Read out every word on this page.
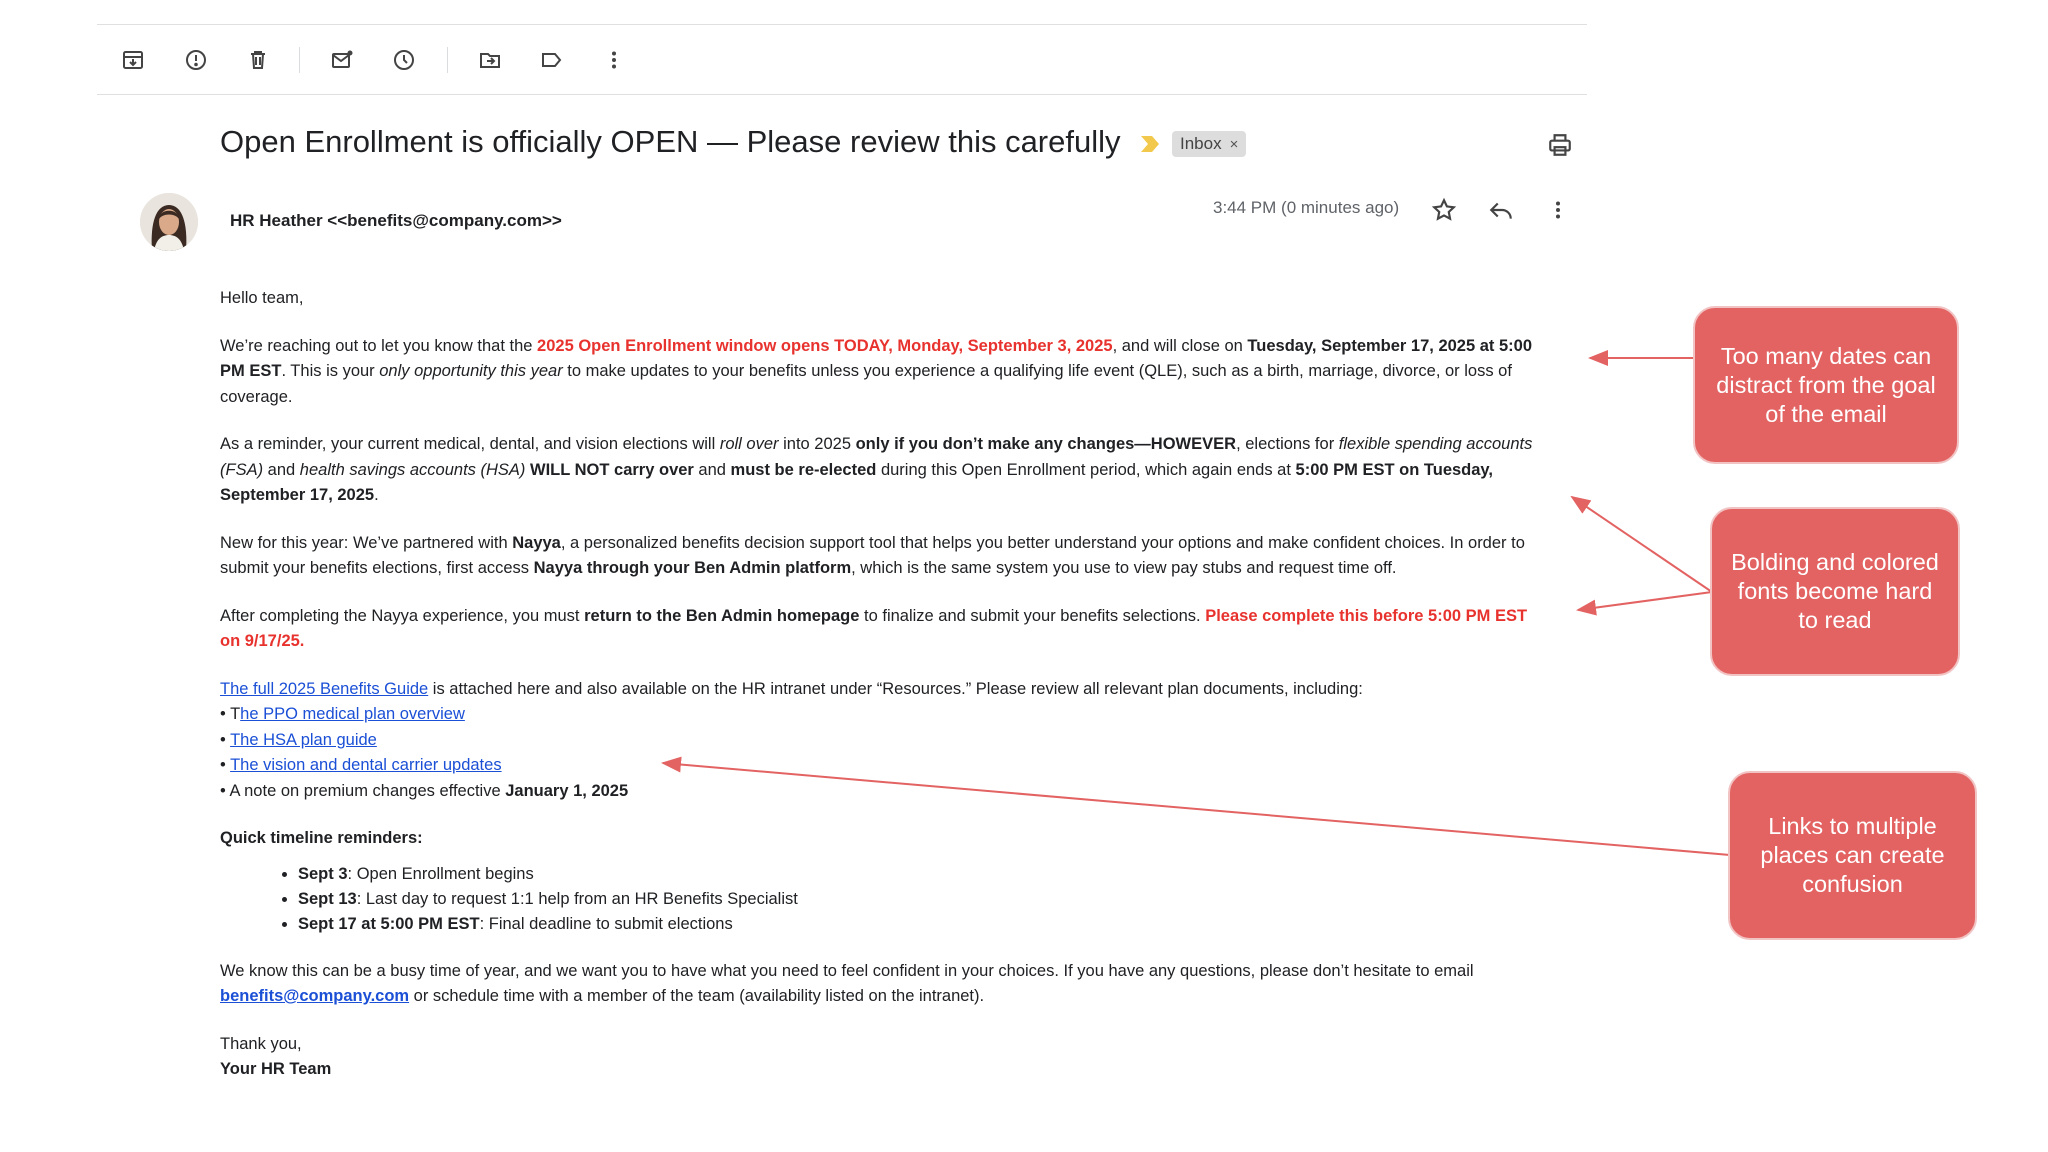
Open Enrollment is officially OPEN — Please review this carefully	Inbox ×
HR Heather <<benefits@company.com>>
3:44 PM (0 minutes ago)

Hello team,

We’re reaching out to let you know that the 2025 Open Enrollment window opens TODAY, Monday, September 3, 2025, and will close on Tuesday, September 17, 2025 at 5:00 PM EST. This is your only opportunity this year to make updates to your benefits unless you experience a qualifying life event (QLE), such as a birth, marriage, divorce, or loss of coverage.

As a reminder, your current medical, dental, and vision elections will roll over into 2025 only if you don’t make any changes—HOWEVER, elections for flexible spending accounts (FSA) and health savings accounts (HSA) WILL NOT carry over and must be re-elected during this Open Enrollment period, which again ends at 5:00 PM EST on Tuesday, September 17, 2025.

New for this year: We’ve partnered with Nayya, a personalized benefits decision support tool that helps you better understand your options and make confident choices. In order to submit your benefits elections, first access Nayya through your Ben Admin platform, which is the same system you use to view pay stubs and request time off.

After completing the Nayya experience, you must return to the Ben Admin homepage to finalize and submit your benefits selections. Please complete this before 5:00 PM EST on 9/17/25.

The full 2025 Benefits Guide is attached here and also available on the HR intranet under “Resources.” Please review all relevant plan documents, including:

• The PPO medical plan overview

• The HSA plan guide

• The vision and dental carrier updates

• A note on premium changes effective January 1, 2025

Quick timeline reminders:

• Sept 3: Open Enrollment begins
• Sept 13: Last day to request 1:1 help from an HR Benefits Specialist
• Sept 17 at 5:00 PM EST: Final deadline to submit elections

We know this can be a busy time of year, and we want you to have what you need to feel confident in your choices. If you have any questions, please don’t hesitate to email benefits@company.com or schedule time with a member of the team (availability listed on the intranet).

Thank you,

Your HR Team

Too many dates can distract from the goal of the email
Bolding and colored fonts become hard to read
Links to multiple places can create confusion
